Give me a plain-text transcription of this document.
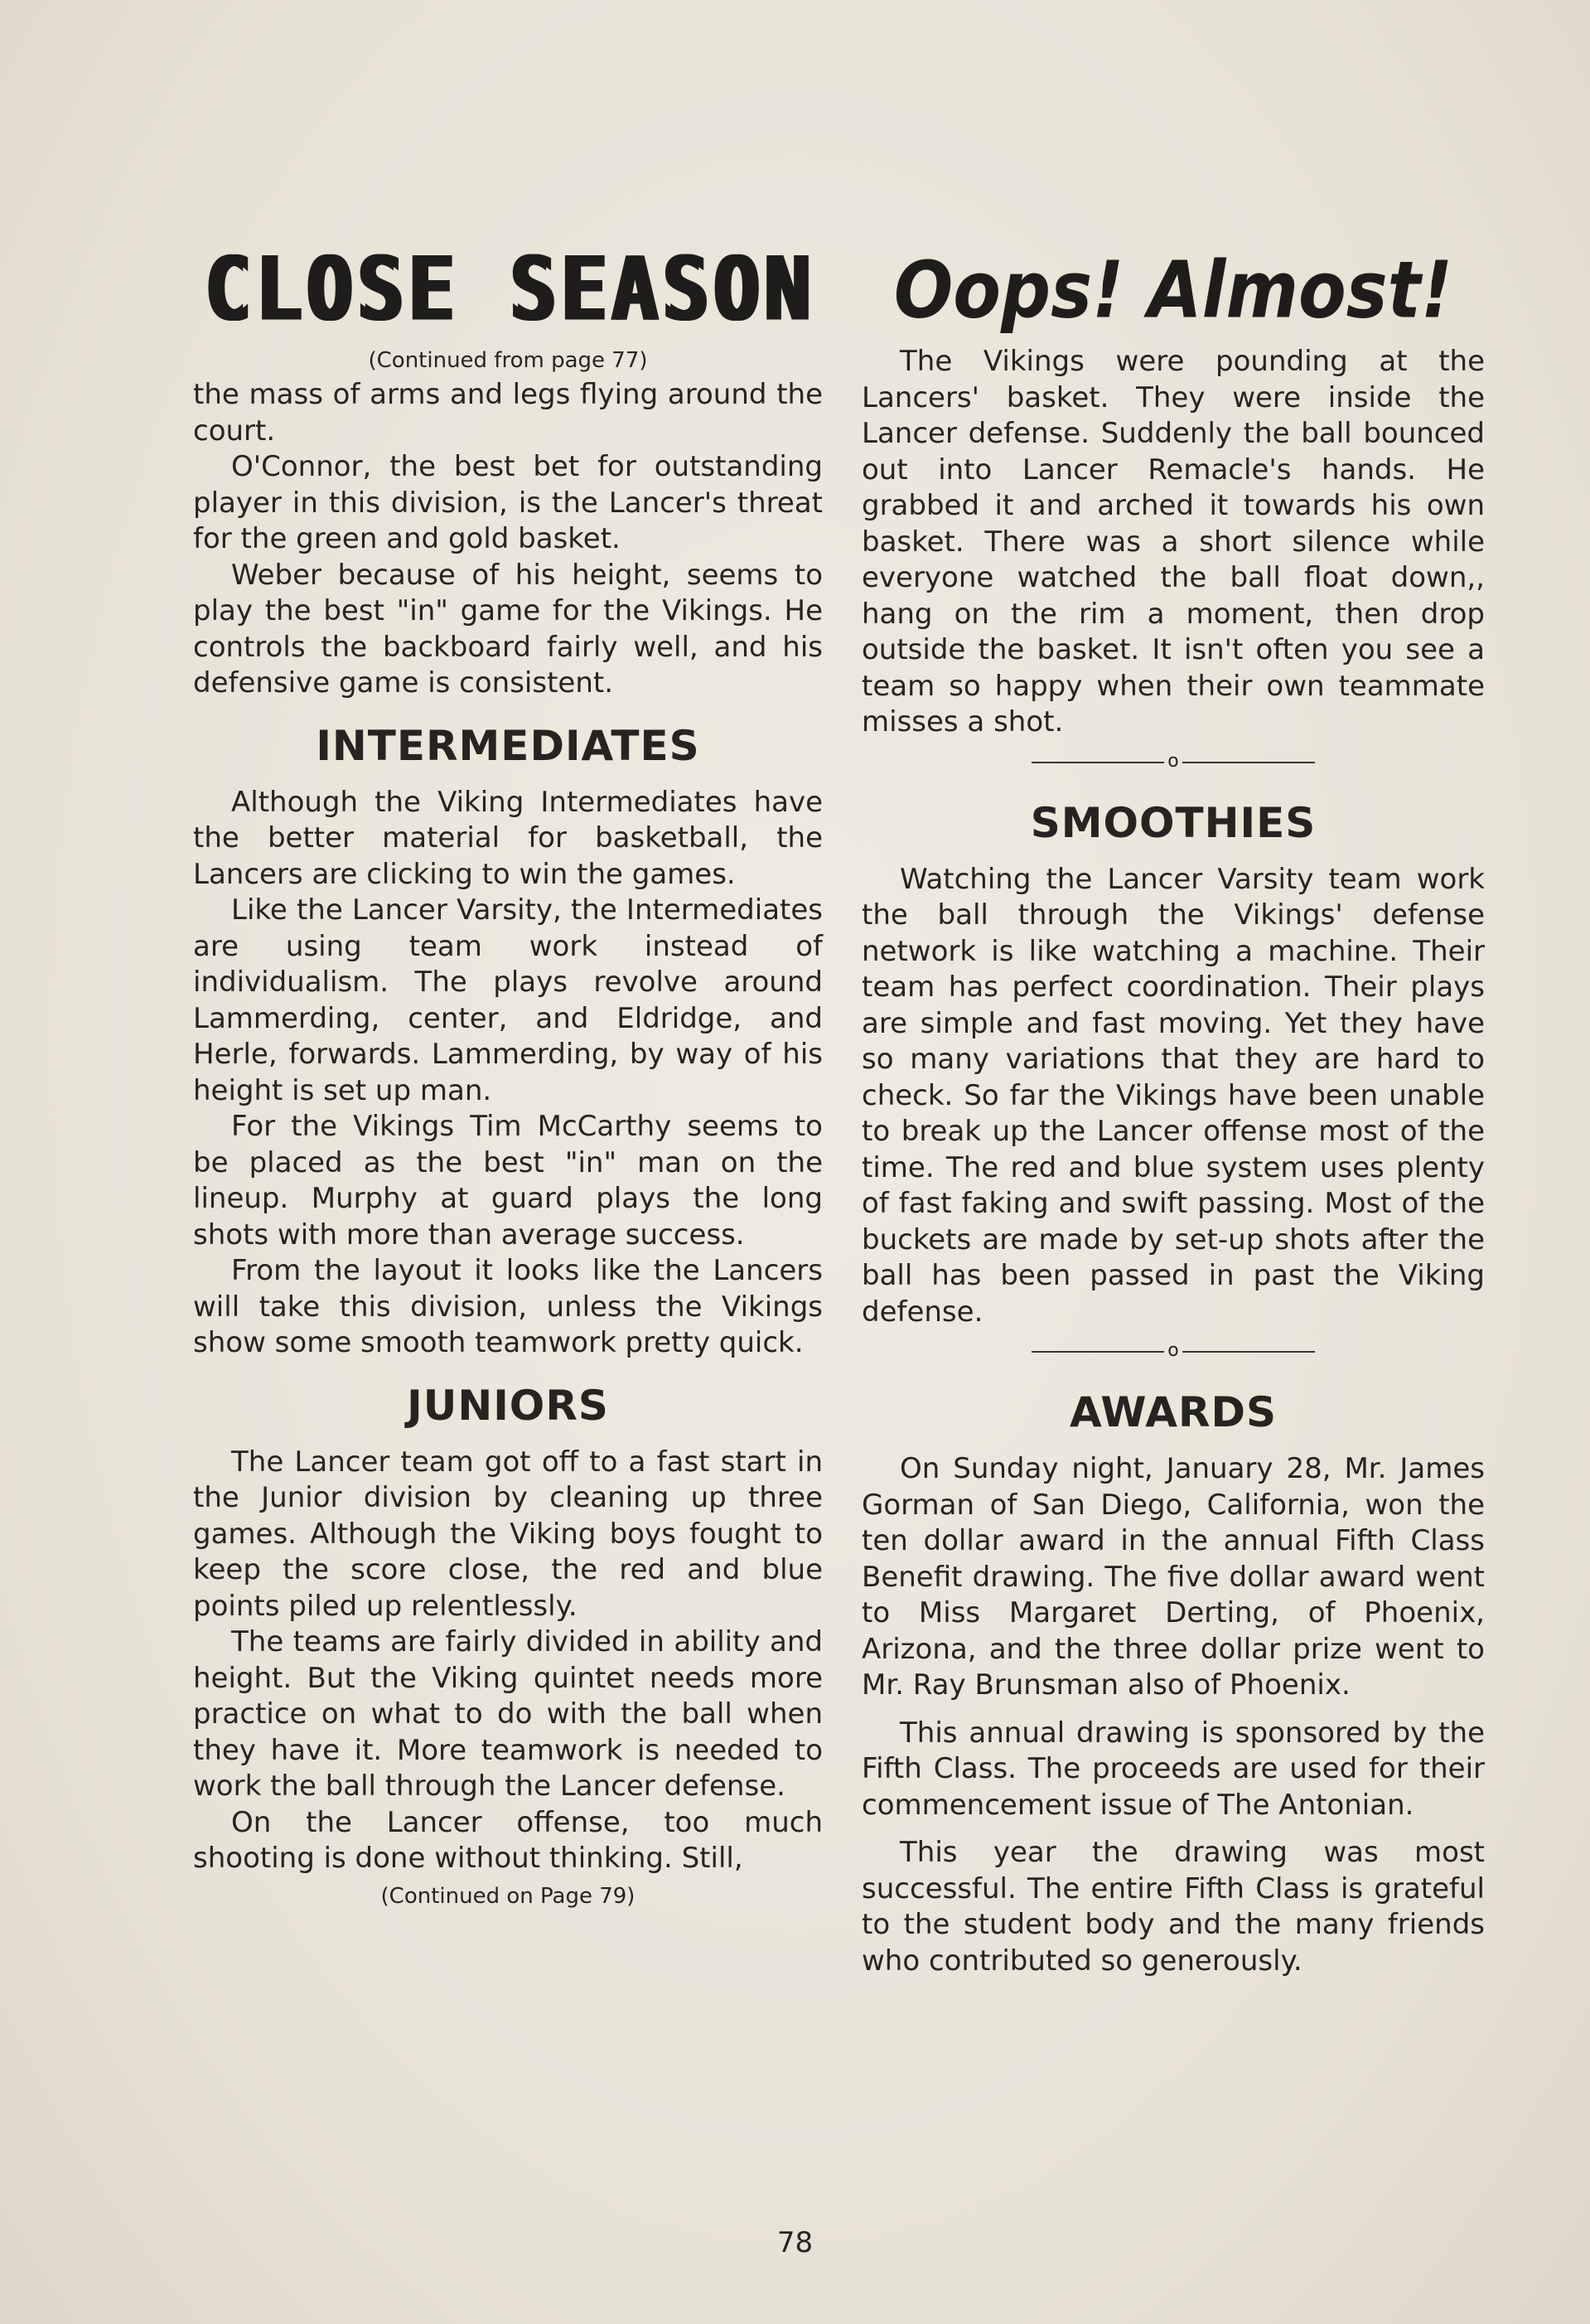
CLOSE SEASON

(Continued from page 77)

the mass of arms and legs flying around the court.

O'Connor, the best bet for outstanding player in this division, is the Lancer's threat for the green and gold basket.

Weber because of his height, seems to play the best "in" game for the Vikings. He controls the backboard fairly well, and his defensive game is consistent.

INTERMEDIATES

Although the Viking Intermediates have the better material for basketball, the Lancers are clicking to win the games.

Like the Lancer Varsity, the Intermediates are using team work instead of individualism. The plays revolve around Lammerding, center, and Eldridge, and Herle, forwards. Lammerding, by way of his height is set up man.

For the Vikings Tim McCarthy seems to be placed as the best "in" man on the lineup. Murphy at guard plays the long shots with more than average success.

From the layout it looks like the Lancers will take this division, unless the Vikings show some smooth teamwork pretty quick.

JUNIORS

The Lancer team got off to a fast start in the Junior division by cleaning up three games. Although the Viking boys fought to keep the score close, the red and blue points piled up relentlessly.

The teams are fairly divided in ability and height. But the Viking quintet needs more practice on what to do with the ball when they have it. More teamwork is needed to work the ball through the Lancer defense.

On the Lancer offense, too much shooting is done without thinking. Still,

(Continued on Page 79)
Oops! Almost!

The Vikings were pounding at the Lancers' basket. They were inside the Lancer defense. Suddenly the ball bounced out into Lancer Remacle's hands. He grabbed it and arched it towards his own basket. There was a short silence while everyone watched the ball float down,, hang on the rim a moment, then drop outside the basket. It isn't often you see a team so happy when their own teammate misses a shot.

o
SMOOTHIES

Watching the Lancer Varsity team work the ball through the Vikings' defense network is like watching a machine. Their team has perfect coordination. Their plays are simple and fast moving. Yet they have so many variations that they are hard to check. So far the Vikings have been unable to break up the Lancer offense most of the time. The red and blue system uses plenty of fast faking and swift passing. Most of the buckets are made by set-up shots after the ball has been passed in past the Viking defense.

o
AWARDS

On Sunday night, January 28, Mr. James Gorman of San Diego, California, won the ten dollar award in the annual Fifth Class Benefit drawing. The five dollar award went to Miss Margaret Derting, of Phoenix, Arizona, and the three dollar prize went to Mr. Ray Brunsman also of Phoenix.

This annual drawing is sponsored by the Fifth Class. The proceeds are used for their commencement issue of The Antonian.

This year the drawing was most successful. The entire Fifth Class is grateful to the student body and the many friends who contributed so generously.

78
